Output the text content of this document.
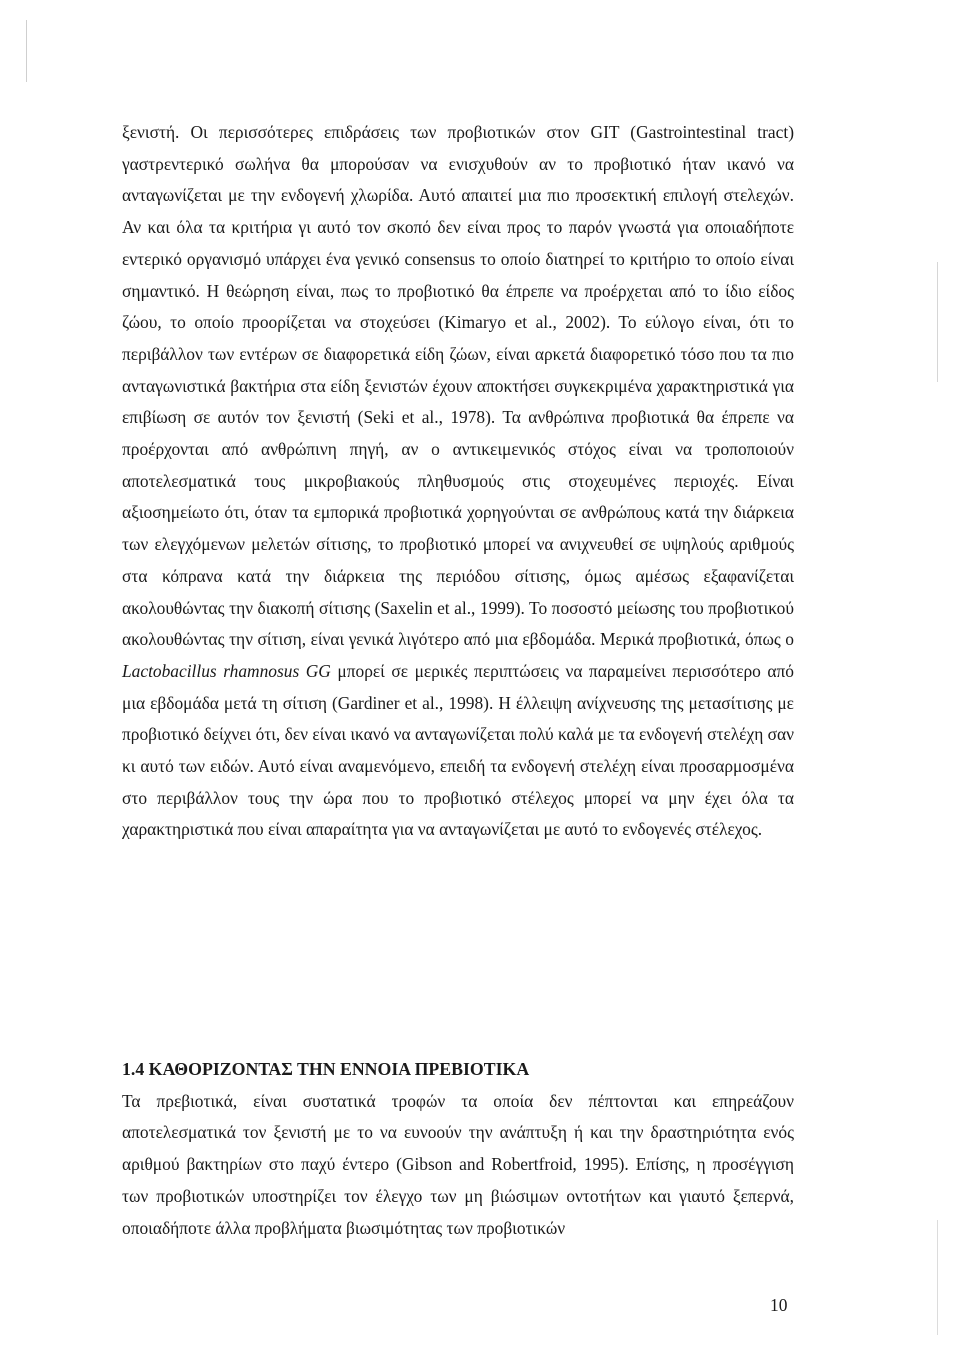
ξενιστή. Οι περισσότερες επιδράσεις των προβιοτικών στον GIT (Gastrointestinal tract) γαστρεντερικό σωλήνα θα μπορούσαν να ενισχυθούν αν το προβιοτικό ήταν ικανό να ανταγωνίζεται με την ενδογενή χλωρίδα. Αυτό απαιτεί μια πιο προσεκτική επιλογή στελεχών. Αν και όλα τα κριτήρια γι αυτό τον σκοπό δεν είναι προς το παρόν γνωστά για οποιαδήποτε εντερικό οργανισμό υπάρχει ένα γενικό consensus το οποίο διατηρεί το κριτήριο το οποίο είναι σημαντικό. Η θεώρηση είναι, πως το προβιοτικό θα έπρεπε να προέρχεται από το ίδιο είδος ζώου, το οποίο προορίζεται να στοχεύσει (Kimaryo et al., 2002). Το εύλογο είναι, ότι το περιβάλλον των εντέρων σε διαφορετικά είδη ζώων, είναι αρκετά διαφορετικό τόσο που τα πιο ανταγωνιστικά βακτήρια στα είδη ξενιστών έχουν αποκτήσει συγκεκριμένα χαρακτηριστικά για επιβίωση σε αυτόν τον ξενιστή (Seki et al., 1978). Τα ανθρώπινα προβιοτικά θα έπρεπε να προέρχονται από ανθρώπινη πηγή, αν ο αντικειμενικός στόχος είναι να τροποποιούν αποτελεσματικά τους μικροβιακούς πληθυσμούς στις στοχευμένες περιοχές. Είναι αξιοσημείωτο ότι, όταν τα εμπορικά προβιοτικά χορηγούνται σε ανθρώπους κατά την διάρκεια των ελεγχόμενων μελετών σίτισης, το προβιοτικό μπορεί να ανιχνευθεί σε υψηλούς αριθμούς στα κόπρανα κατά την διάρκεια της περιόδου σίτισης, όμως αμέσως εξαφανίζεται ακολουθώντας την διακοπή σίτισης (Saxelin et al., 1999). Το ποσοστό μείωσης του προβιοτικού ακολουθώντας την σίτιση, είναι γενικά λιγότερο από μια εβδομάδα. Μερικά προβιοτικά, όπως ο Lactobacillus rhamnosus GG μπορεί σε μερικές περιπτώσεις να παραμείνει περισσότερο από μια εβδομάδα μετά τη σίτιση (Gardiner et al., 1998). Η έλλειψη ανίχνευσης της μετασίτισης με προβιοτικό δείχνει ότι, δεν είναι ικανό να ανταγωνίζεται πολύ καλά με τα ενδογενή στελέχη σαν κι αυτό των ειδών. Αυτό είναι αναμενόμενο, επειδή τα ενδογενή στελέχη είναι προσαρμοσμένα στο περιβάλλον τους την ώρα που το προβιοτικό στέλεχος μπορεί να μην έχει όλα τα χαρακτηριστικά που είναι απαραίτητα για να ανταγωνίζεται με αυτό το ενδογενές στέλεχος.

1.4 ΚΑΘΟΡΙΖΟΝΤΑΣ ΤΗΝ ΕΝΝΟΙΑ ΠΡΕΒΙΟΤΙΚΑ

Τα πρεβιοτικά, είναι συστατικά τροφών τα οποία δεν πέπτονται και επηρεάζουν αποτελεσματικά τον ξενιστή με το να ευνοούν την ανάπτυξη ή και την δραστηριότητα ενός αριθμού βακτηρίων στο παχύ έντερο (Gibson and Robertfroid, 1995). Επίσης, η προσέγγιση των προβιοτικών υποστηρίζει τον έλεγχο των μη βιώσιμων οντοτήτων και γιαυτό ξεπερνά, οποιαδήποτε άλλα προβλήματα βιωσιμότητας των προβιοτικών

10
